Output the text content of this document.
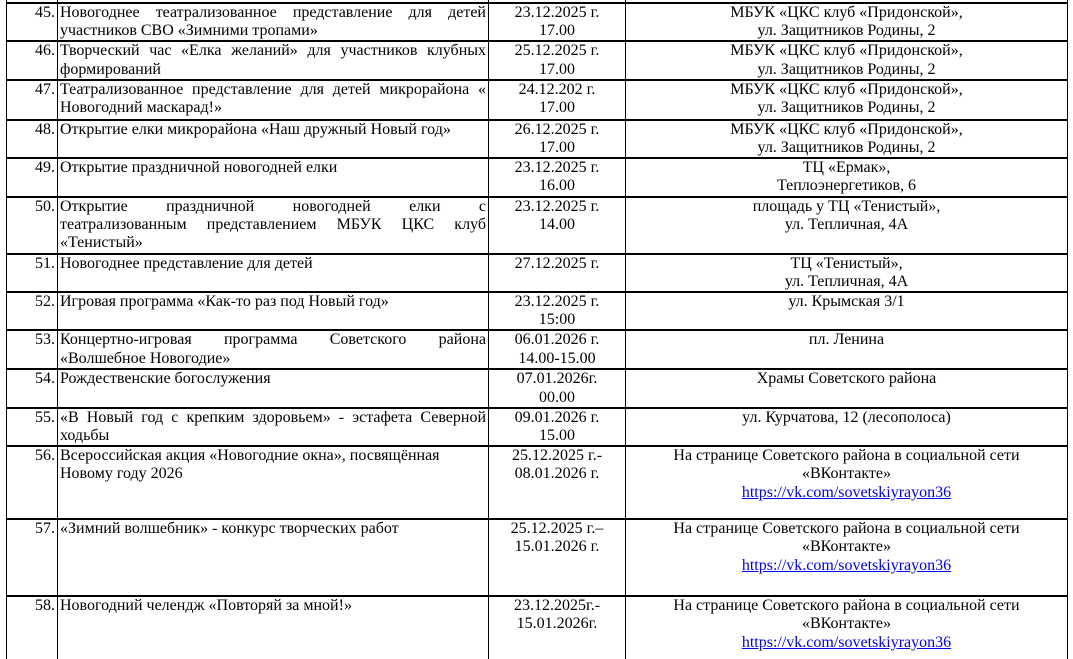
45.	Новогоднее театрализованное представление для детей
участников СВО «Зимними тропами»
	23.12.2025 г.
17.00	МБУК «ЦКС клуб «Придонской»,
ул. Защитников Родины, 2
46.	Творческий час «Елка желаний» для участников клубных
формирований
	25.12.2025 г.
17.00	МБУК «ЦКС клуб «Придонской»,
ул. Защитников Родины, 2
47.	Театрализованное представление для детей микрорайона «
Новогодний маскарад!»
	24.12.202 г.
17.00	МБУК «ЦКС клуб «Придонской»,
ул. Защитников Родины, 2
48.	Открытие елки микрорайона «Наш дружный Новый год»	26.12.2025 г.
17.00	МБУК «ЦКС клуб «Придонской»,
ул. Защитников Родины, 2
49.	Открытие праздничной новогодней елки	23.12.2025 г.
16.00	ТЦ «Ермак»,
Теплоэнергетиков, 6
50.	Открытие праздничной новогодней елки с
театрализованным представлением МБУК ЦКС клуб
«Тенистый»
	23.12.2025 г.
14.00	площадь у ТЦ «Тенистый»,
ул. Тепличная, 4А
51.	Новогоднее представление для детей	27.12.2025 г.	ТЦ «Тенистый»,
ул. Тепличная, 4А
52.	Игровая программа «Как-то раз под Новый год»	23.12.2025 г.
15:00	ул. Крымская 3/1
53.	Концертно-игровая программа Советского района
«Волшебное Новогодие»
	06.01.2026 г.
14.00-15.00	пл. Ленина
54.	Рождественские богослужения	07.01.2026г.
00.00	Храмы Советского района
55.	«В Новый год с крепким здоровьем» - эстафета Северной
ходьбы
	09.01.2026 г.
15.00	ул. Курчатова, 12 (лесополоса)
56.	Всероссийская акция «Новогодние окна», посвящённая
Новому году 2026
	25.12.2025 г.-
08.01.2026 г.	На странице Советского района в социальной сети
«ВКонтакте»
https://vk.com/sovetskiyrayon36
57.	«Зимний волшебник» - конкурс творческих работ	25.12.2025 г.–
15.01.2026 г.	На странице Советского района в социальной сети
«ВКонтакте»
https://vk.com/sovetskiyrayon36
58.	Новогодний челендж «Повторяй за мной!»	23.12.2025г.-
15.01.2026г.	На странице Советского района в социальной сети
«ВКонтакте»
https://vk.com/sovetskiyrayon36
